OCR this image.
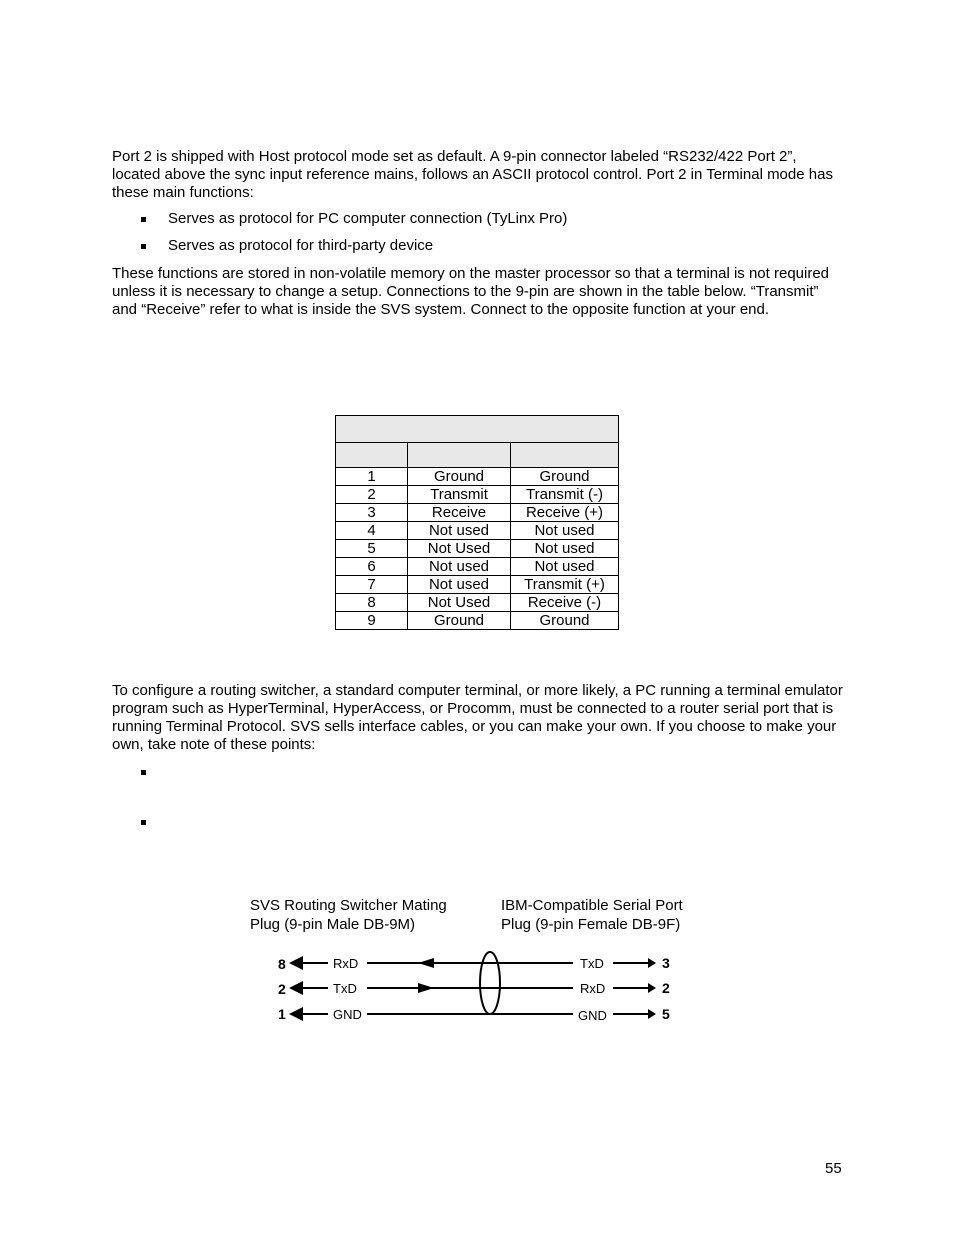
Port 2 is shipped with Host protocol mode set as default. A 9-pin connector labeled “RS232/422 Port 2”, located above the sync input reference mains, follows an ASCII protocol control. Port 2 in Terminal mode has these main functions:

Serves as protocol for PC computer connection (TyLinx Pro)
Serves as protocol for third-party device

These functions are stored in non-volatile memory on the master processor so that a terminal is not required unless it is necessary to change a setup. Connections to the 9-pin are shown in the table below. “Transmit” and “Receive” refer to what is inside the SVS system. Connect to the opposite function at your end.

1	Ground	Ground
2	Transmit	Transmit (-)
3	Receive	Receive (+)
4	Not used	Not used
5	Not Used	Not used
6	Not used	Not used
7	Not used	Transmit (+)
8	Not Used	Receive (-)
9	Ground	Ground

To configure a routing switcher, a standard computer terminal, or more likely, a PC running a terminal emulator program such as HyperTerminal, HyperAccess, or Procomm, must be connected to a router serial port that is running Terminal Protocol. SVS sells interface cables, or you can make your own. If you choose to make your own, take note of these points:

SVS Routing Switcher Mating
Plug (9-pin Male DB-9M)
IBM-Compatible Serial Port
Plug (9-pin Female DB-9F)
8	RxD	TxD	3
2	TxD	RxD	2
1	GND	GND	5
55
